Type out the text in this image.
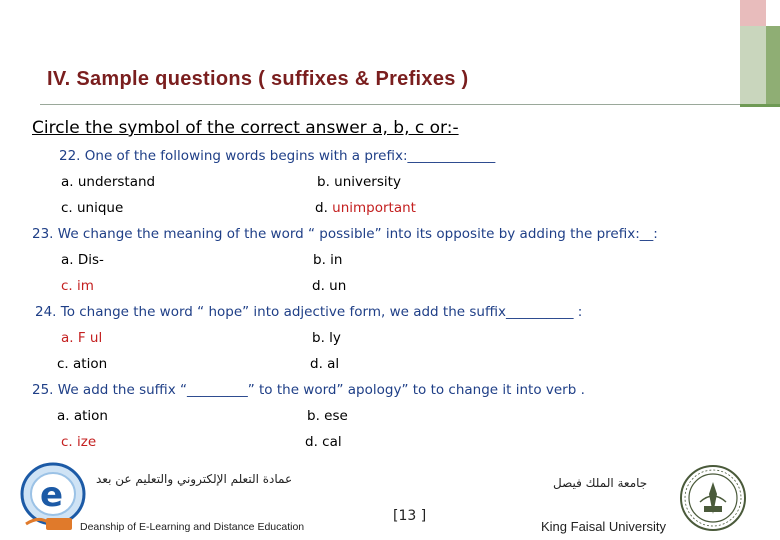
IV. Sample questions ( suffixes & Prefixes )
Circle the symbol of the correct answer a, b, c or:-
22. One of the following words begins with a prefix:_____________
a. understand	b. university
c. unique	d. unimportant
23. We change the meaning of the word “ possible” into its opposite by adding the prefix:__:
a. Dis-	b. in
c. im	d. un
24. To change the word “ hope” into adjective form, we add the suffix__________ :
a. F ul	b. ly
c. ation	d. al
25. We add the suffix “_________” to the word” apology” to to change it into verb .
a. ation	b. ese
c. ize	d. cal
e	عمادة التعلم الإلكتروني والتعليم عن بعد
Deanship of E-Learning and Distance Education
[13 ]
جامعة الملك فيصل
King Faisal University
